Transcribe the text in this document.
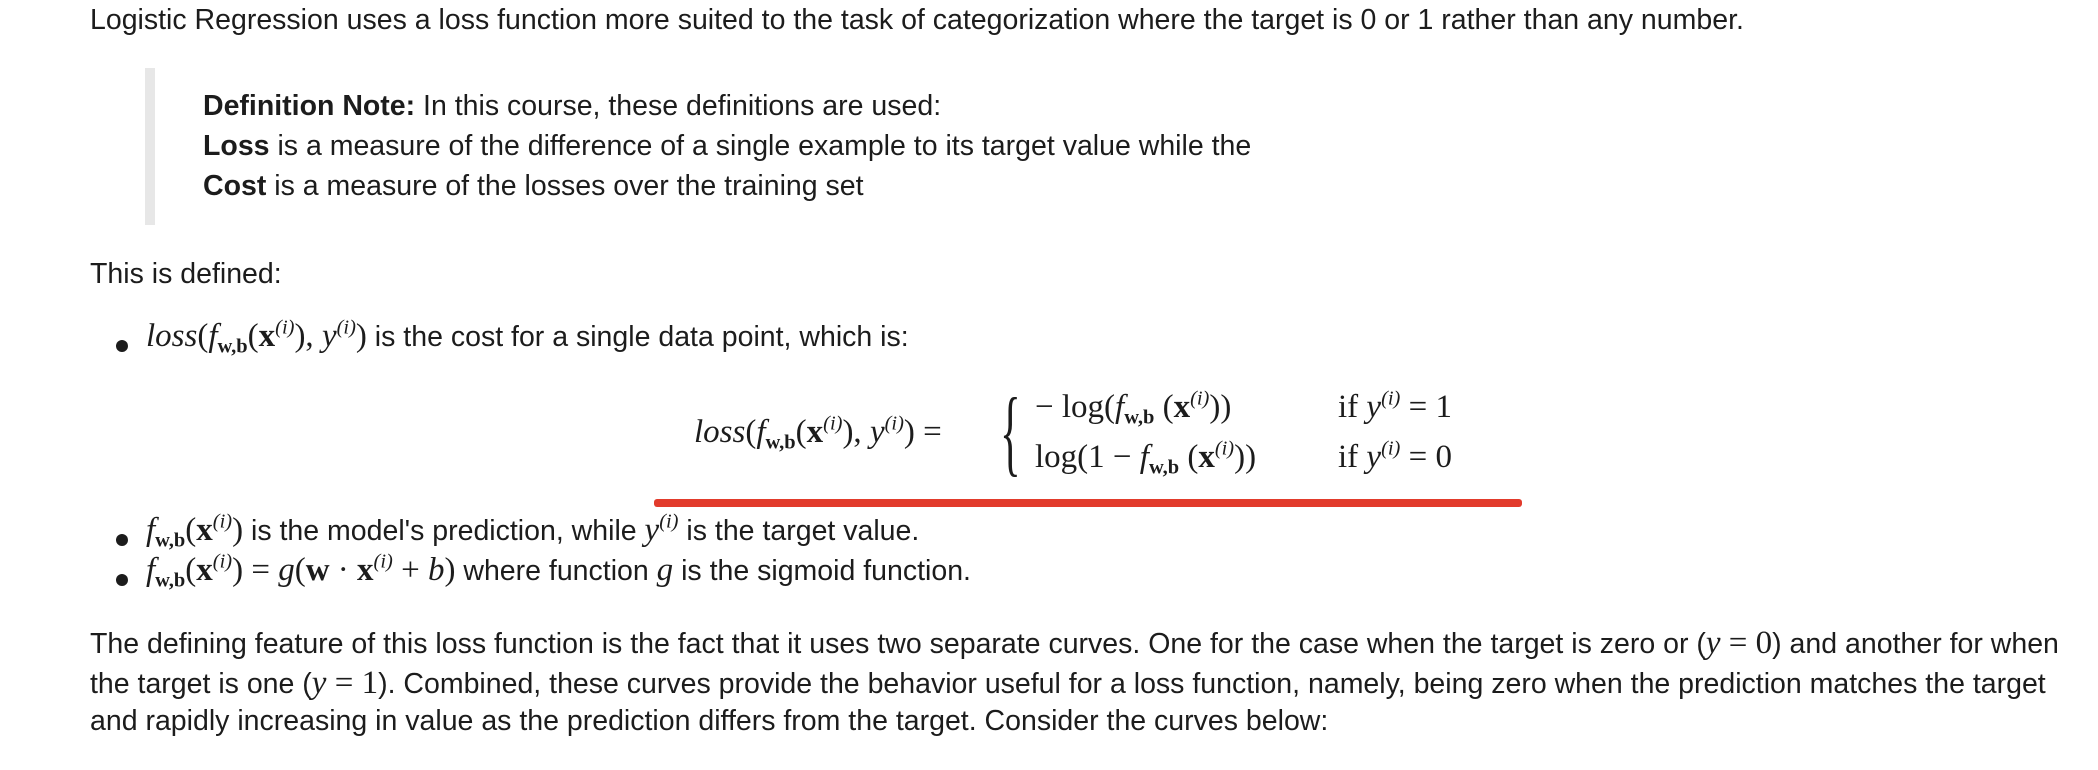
Logistic Regression uses a loss function more suited to the task of categorization where the target is 0 or 1 rather than any number.
Definition Note: In this course, these definitions are used:
Loss is a measure of the difference of a single example to its target value while the
Cost is a measure of the losses over the training set
This is defined:
$loss(f_{w,b}(x^{(i)})$, $y^{(i)}$) is the cost for a single data point, which is:
$loss(f_{w,b}(x^{(i)})$, $y^{(i)}$) = { − $\log(f_{w,b}$ $(x^{(i)})$)
$\log(1 - f_{w,b}$ $(x^{(i)})$)
if $y^{(i)} = 1$
if $y^{(i)} = 0$
$f_{w,b}(x^{(i)})$ is the model's prediction, while $y^{(i)}$ is the target value.
$f_{w,b}(x^{(i)}) = g(w \cdot x^{(i)} + b)$ where function g is the sigmoid function.
The defining feature of this loss function is the fact that it uses two separate curves. One for the case when the target is zero or (y = 0) and another for when
the target is one (y = 1). Combined, these curves provide the behavior useful for a loss function, namely, being zero when the prediction matches the target
and rapidly increasing in value as the prediction differs from the target. Consider the curves below:
